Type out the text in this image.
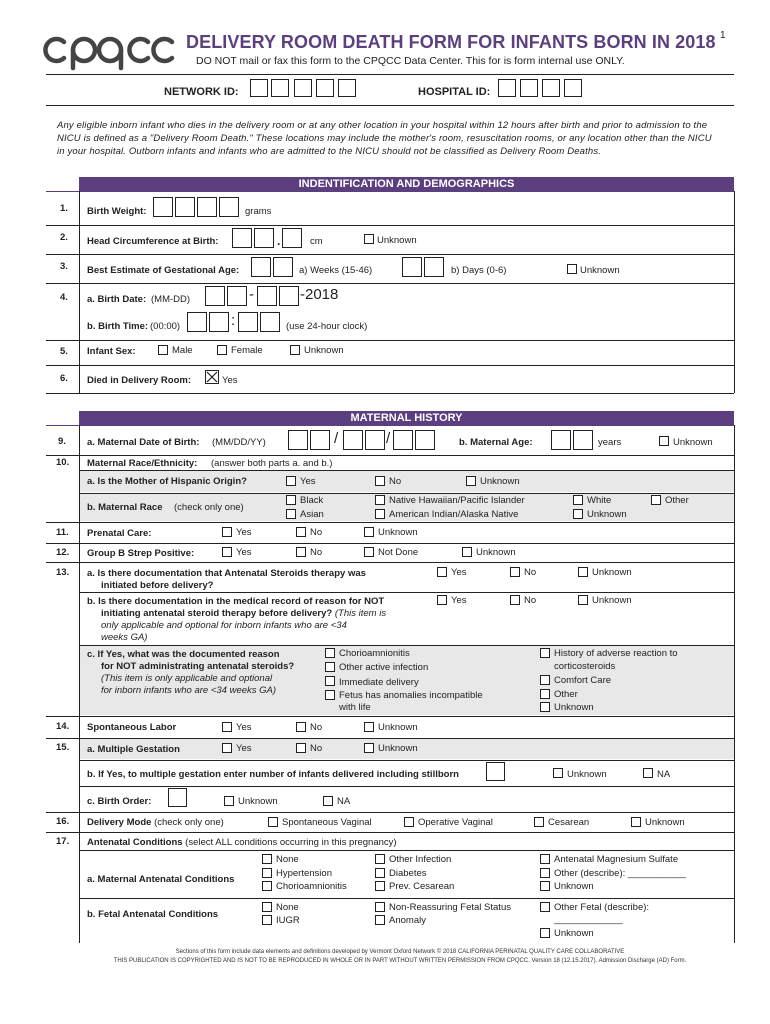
CPQCC
DELIVERY ROOM DEATH FORM FOR INFANTS BORN IN 2018 1
DO NOT mail or fax this form to the CPQCC Data Center. This for is form internal use ONLY.
NETWORK ID:	HOSPITAL ID:
Any eligible inborn infant who dies in the delivery room or at any other location in your hospital within 12 hours after birth and prior to admission to the NICU is defined as a "Delivery Room Death." These locations may include the mother's room, resuscitation rooms, or any location other than the NICU in your hospital. Outborn infants and infants who are admitted to the NICU should not be classified as Delivery Room Deaths.
INDENTIFICATION AND DEMOGRAPHICS
1. Birth Weight:	grams
2. Head Circumference at Birth:	.	cm	Unknown
3. Best Estimate of Gestational Age:	a) Weeks (15-46)	b) Days (0-6)	Unknown
4. a. Birth Date: (MM-DD)	-	-2018
b. Birth Time: (00:00)	:	(use 24-hour clock)
5. Infant Sex:	Male	Female	Unknown
6. Died in Delivery Room:	Yes
MATERNAL HISTORY
9. a. Maternal Date of Birth: (MM/DD/YY)	/	/	b. Maternal Age:	years	Unknown
10. Maternal Race/Ethnicity: (answer both parts a. and b.)
a. Is the Mother of Hispanic Origin?	Yes	No	Unknown
b. Maternal Race (check only one)
Black
Asian
Native Hawaiian/Pacific Islander
American Indian/Alaska Native
White	Other
Unknown
11. Prenatal Care:	Yes	No	Unknown
12. Group B Strep Positive:	Yes	No	Not Done	Unknown
13. a. Is there documentation that Antenatal Steroids therapy was
initiated before delivery?
Yes	No	Unknown
b. Is there documentation in the medical record of reason for NOT
initiating antenatal steroid therapy before delivery? (This item is
only applicable and optional for inborn infants who are <34
weeks GA)
Yes	No	Unknown
c. If Yes, what was the documented reason
for NOT administrating antenatal steroids?
(This item is only applicable and optional
for inborn infants who are <34 weeks GA)
Chorioamnionitis
Other active infection
Immediate delivery
Fetus has anomalies incompatible
with life
History of adverse reaction to
corticosteroids
Comfort Care
Other
Unknown
14. Spontaneous Labor	Yes	No	Unknown
15. a. Multiple Gestation	Yes	No	Unknown
b. If Yes, to multiple gestation enter number of infants delivered including stillborn	Unknown	NA
c. Birth Order:	Unknown	NA
16. Delivery Mode (check only one)	Spontaneous Vaginal	Operative Vaginal	Cesarean	Unknown
17. Antenatal Conditions (select ALL conditions occurring in this pregnancy)
a. Maternal Antenatal Conditions
None
Hypertension
Chorioamnionitis
Other Infection
Diabetes
Prev. Cesarean
Antenatal Magnesium Sulfate
Other (describe): ___________
Unknown
b. Fetal Antenatal Conditions
None
IUGR
Non-Reassuring Fetal Status
Anomaly
Other Fetal (describe):
_____________
Unknown
Sections of this form include data elements and definitions developed by Vermont Oxford Network © 2018 CALIFORNIA PERINATAL QUALITY CARE COLLABORATIVE
THIS PUBLICATION IS COPYRIGHTED AND IS NOT TO BE REPRODUCED IN WHOLE OR IN PART WITHOUT WRITTEN PERMISSION FROM CPQCC. Version 18 (12.15.2017). Admission Discharge (AD) Form.
